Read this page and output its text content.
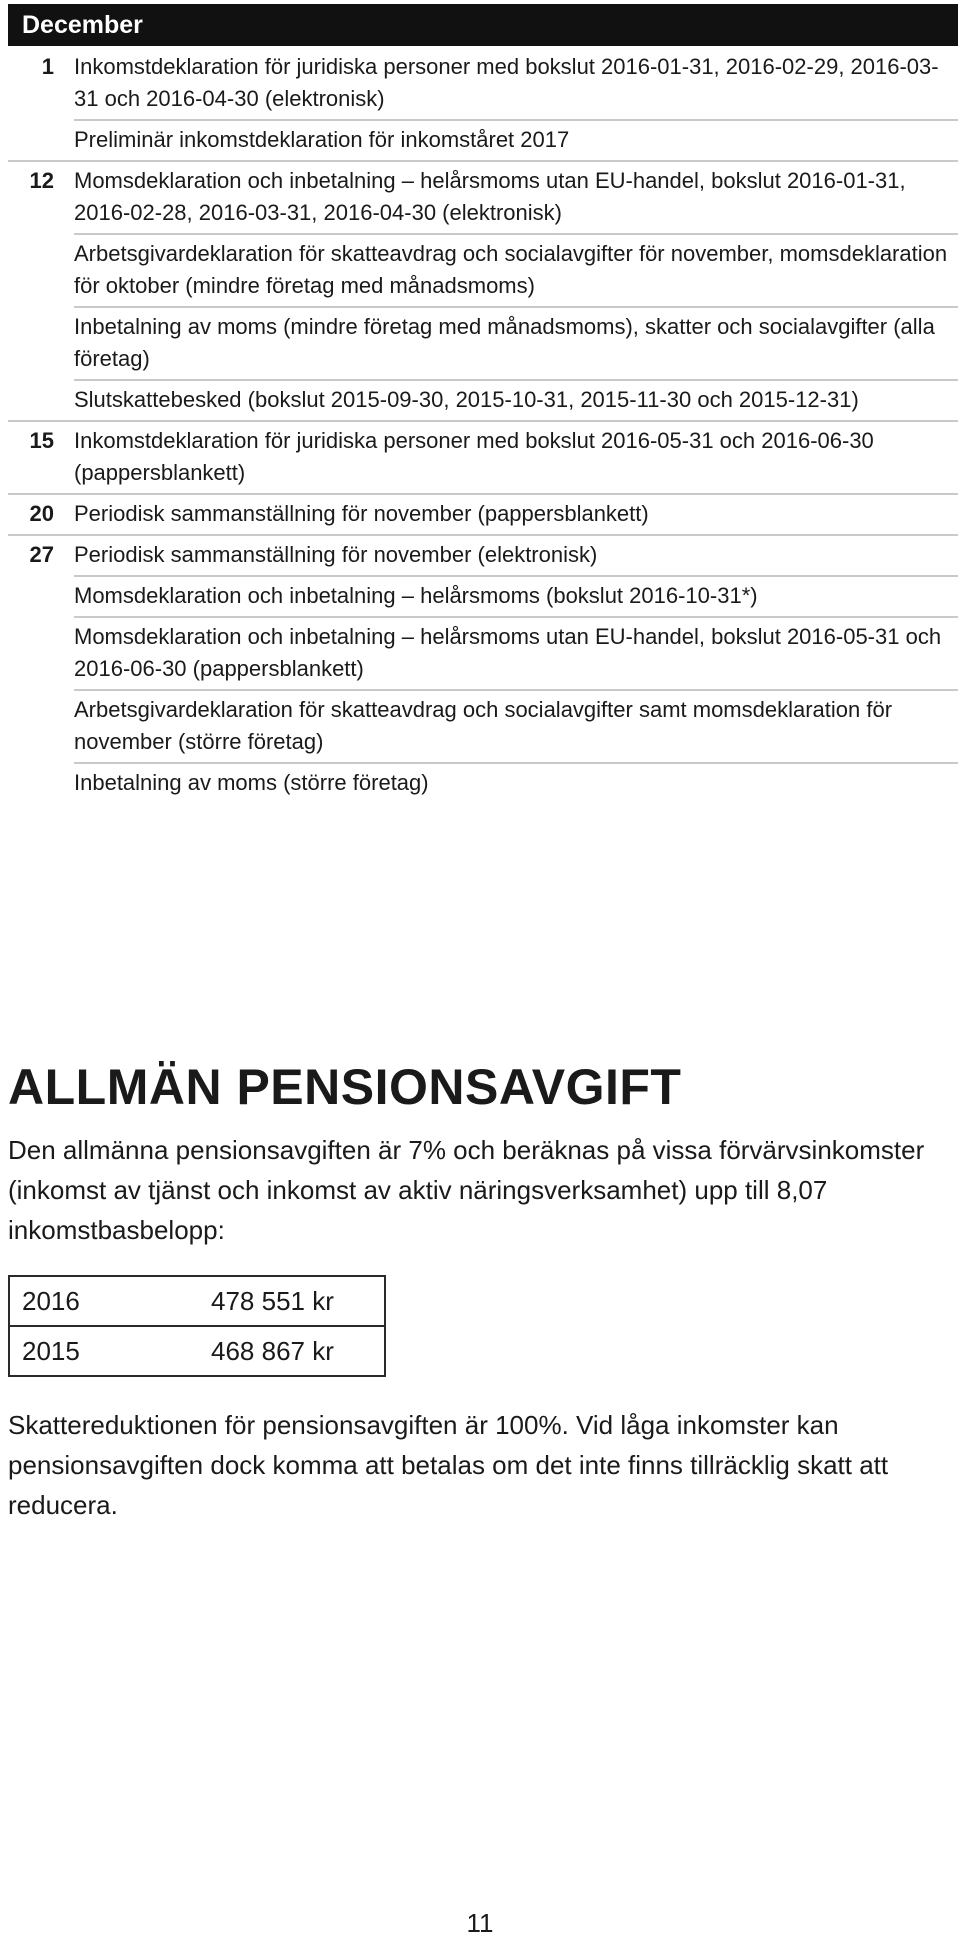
December
1 Inkomstdeklaration för juridiska personer med bokslut 2016-01-31, 2016-02-29, 2016-03-31 och 2016-04-30 (elektronisk)
Preliminär inkomstdeklaration för inkomståret 2017
12 Momsdeklaration och inbetalning – helårsmoms utan EU-handel, bokslut 2016-01-31, 2016-02-28, 2016-03-31, 2016-04-30 (elektronisk)
Arbetsgivardeklaration för skatteavdrag och socialavgifter för november, momsdeklaration för oktober (mindre företag med månadsmoms)
Inbetalning av moms (mindre företag med månadsmoms), skatter och socialavgifter (alla företag)
Slutskattebesked (bokslut 2015-09-30, 2015-10-31, 2015-11-30 och 2015-12-31)
15 Inkomstdeklaration för juridiska personer med bokslut 2016-05-31 och 2016-06-30 (pappersblankett)
20 Periodisk sammanställning för november (pappersblankett)
27 Periodisk sammanställning för november (elektronisk)
Momsdeklaration och inbetalning – helårsmoms (bokslut 2016-10-31*)
Momsdeklaration och inbetalning – helårsmoms utan EU-handel, bokslut 2016-05-31 och 2016-06-30 (pappersblankett)
Arbetsgivardeklaration för skatteavdrag och socialavgifter samt momsdeklaration för november (större företag)
Inbetalning av moms (större företag)
ALLMÄN PENSIONSAVGIFT

Den allmänna pensionsavgiften är 7% och beräknas på vissa förvärvsinkomster (inkomst av tjänst och inkomst av aktiv näringsverksamhet) upp till 8,07 inkomstbasbelopp:

2016	478 551 kr
2015	468 867 kr

Skattereduktionen för pensionsavgiften är 100%. Vid låga inkomster kan pensionsavgiften dock komma att betalas om det inte finns tillräcklig skatt att reducera.

11
